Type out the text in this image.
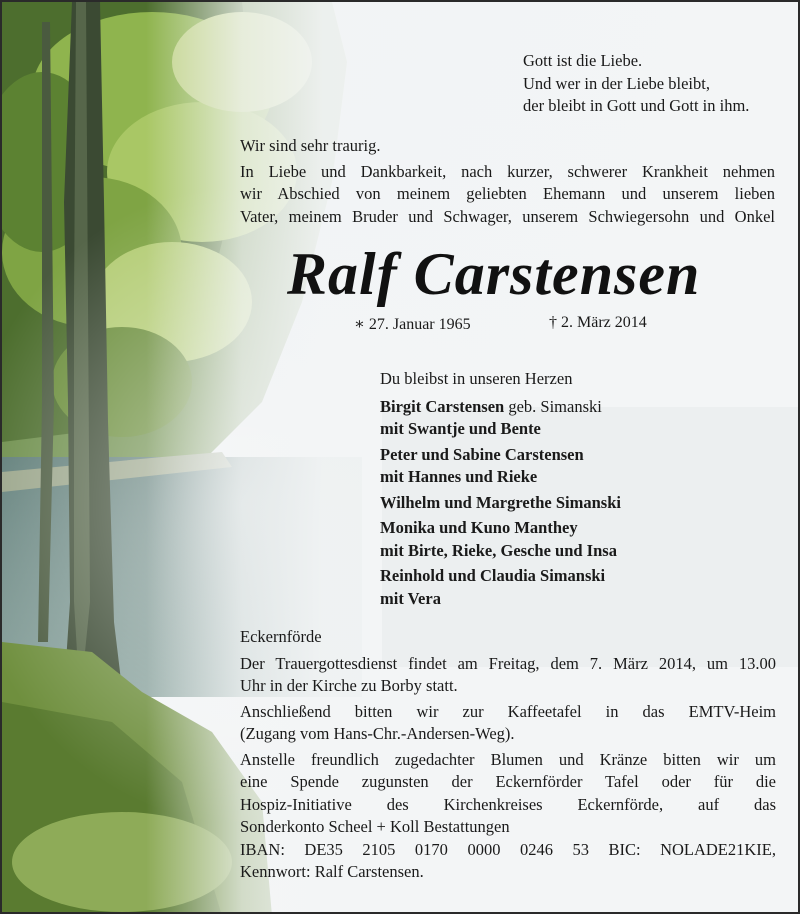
Gott ist die Liebe.
Und wer in der Liebe bleibt,
der bleibt in Gott und Gott in ihm.

Wir sind sehr traurig.

In Liebe und Dankbarkeit, nach kurzer, schwerer Krankheit nehmen
wir Abschied von meinem geliebten Ehemann und unserem lieben
Vater, meinem Bruder und Schwager, unserem Schwiegersohn und Onkel
Ralf Carstensen
∗ 27. Januar 1965	† 2. März 2014
Du bleibst in unseren Herzen
Birgit Carstensen geb. Simanski
mit Swantje und Bente
Peter und Sabine Carstensen
mit Hannes und Rieke
Wilhelm und Margrethe Simanski
Monika und Kuno Manthey
mit Birte, Rieke, Gesche und Insa
Reinhold und Claudia Simanski
mit Vera

Eckernförde

Der Trauergottesdienst findet am Freitag, dem 7. März 2014, um 13.00
Uhr in der Kirche zu Borby statt.

Anschließend bitten wir zur Kaffeetafel in das EMTV-Heim
(Zugang vom Hans-Chr.-Andersen-Weg).

Anstelle freundlich zugedachter Blumen und Kränze bitten wir um
eine Spende zugunsten der Eckernförder Tafel oder für die
Hospiz-Initiative des Kirchenkreises Eckernförde, auf das
Sonderkonto Scheel + Koll Bestattungen
IBAN: DE35 2105 0170 0000 0246 53 BIC: NOLADE21KIE,
Kennwort: Ralf Carstensen.
